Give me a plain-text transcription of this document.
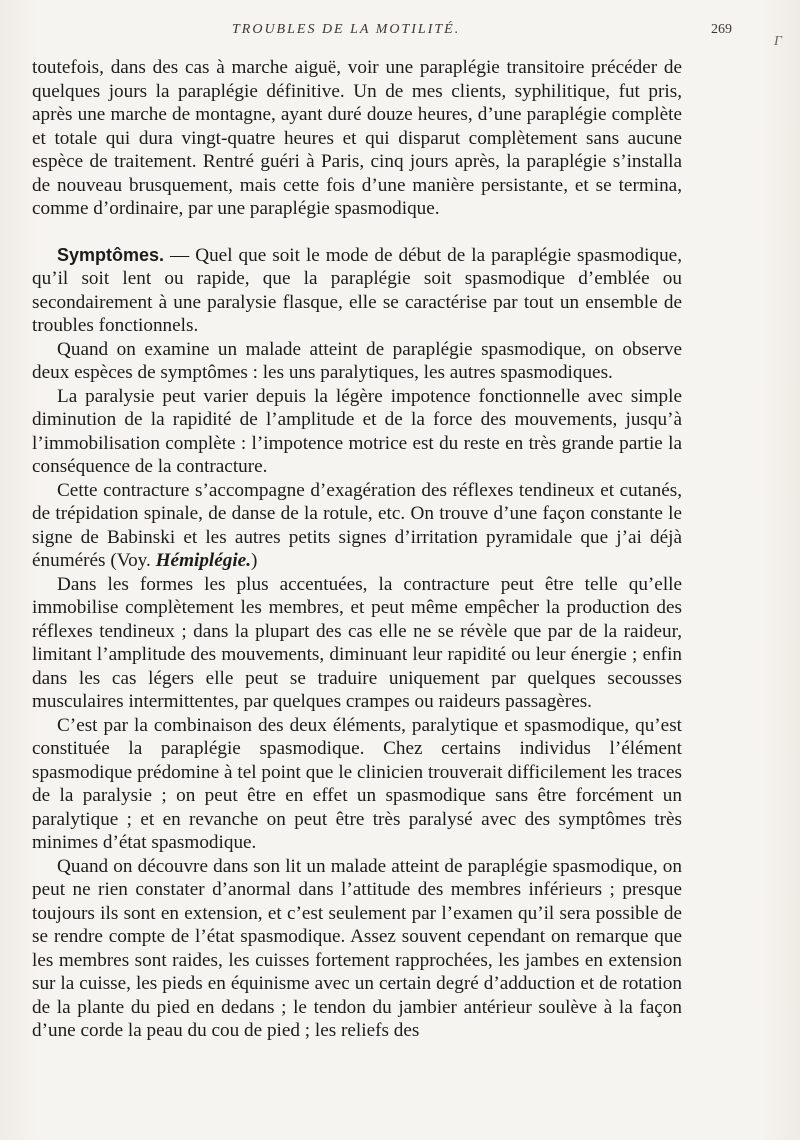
TROUBLES DE LA MOTILITÉ.	269
Γ

toutefois, dans des cas à marche aiguë, voir une paraplégie transitoire précéder de quelques jours la paraplégie définitive. Un de mes clients, syphilitique, fut pris, après une marche de montagne, ayant duré douze heures, d’une paraplégie complète et totale qui dura vingt-quatre heures et qui disparut complètement sans aucune espèce de traitement. Rentré guéri à Paris, cinq jours après, la paraplégie s’installa de nouveau brusquement, mais cette fois d’une manière persistante, et se termina, comme d’ordinaire, par une paraplégie spasmodique.

Symptômes. — Quel que soit le mode de début de la paraplégie spasmodique, qu’il soit lent ou rapide, que la paraplégie soit spasmodique d’emblée ou secondairement à une paralysie flasque, elle se caractérise par tout un ensemble de troubles fonctionnels.

Quand on examine un malade atteint de paraplégie spasmodique, on observe deux espèces de symptômes : les uns paralytiques, les autres spasmodiques.

La paralysie peut varier depuis la légère impotence fonctionnelle avec simple diminution de la rapidité de l’amplitude et de la force des mouvements, jusqu’à l’immobilisation complète : l’impotence motrice est du reste en très grande partie la conséquence de la contracture.

Cette contracture s’accompagne d’exagération des réflexes tendineux et cutanés, de trépidation spinale, de danse de la rotule, etc. On trouve d’une façon constante le signe de Babinski et les autres petits signes d’irritation pyramidale que j’ai déjà énumérés (Voy. Hémiplégie.)

Dans les formes les plus accentuées, la contracture peut être telle qu’elle immobilise complètement les membres, et peut même empêcher la production des réflexes tendineux ; dans la plupart des cas elle ne se révèle que par de la raideur, limitant l’amplitude des mouvements, diminuant leur rapidité ou leur énergie ; enfin dans les cas légers elle peut se traduire uniquement par quelques secousses musculaires intermittentes, par quelques crampes ou raideurs passagères.

C’est par la combinaison des deux éléments, paralytique et spasmodique, qu’est constituée la paraplégie spasmodique. Chez certains individus l’élément spasmodique prédomine à tel point que le clinicien trouverait difficilement les traces de la paralysie ; on peut être en effet un spasmodique sans être forcément un paralytique ; et en revanche on peut être très paralysé avec des symptômes très minimes d’état spasmodique.

Quand on découvre dans son lit un malade atteint de paraplégie spasmodique, on peut ne rien constater d’anormal dans l’attitude des membres inférieurs ; presque toujours ils sont en extension, et c’est seulement par l’examen qu’il sera possible de se rendre compte de l’état spasmodique. Assez souvent cependant on remarque que les membres sont raides, les cuisses fortement rapprochées, les jambes en extension sur la cuisse, les pieds en équinisme avec un certain degré d’adduction et de rotation de la plante du pied en dedans ; le tendon du jambier antérieur soulève à la façon d’une corde la peau du cou de pied ; les reliefs des
